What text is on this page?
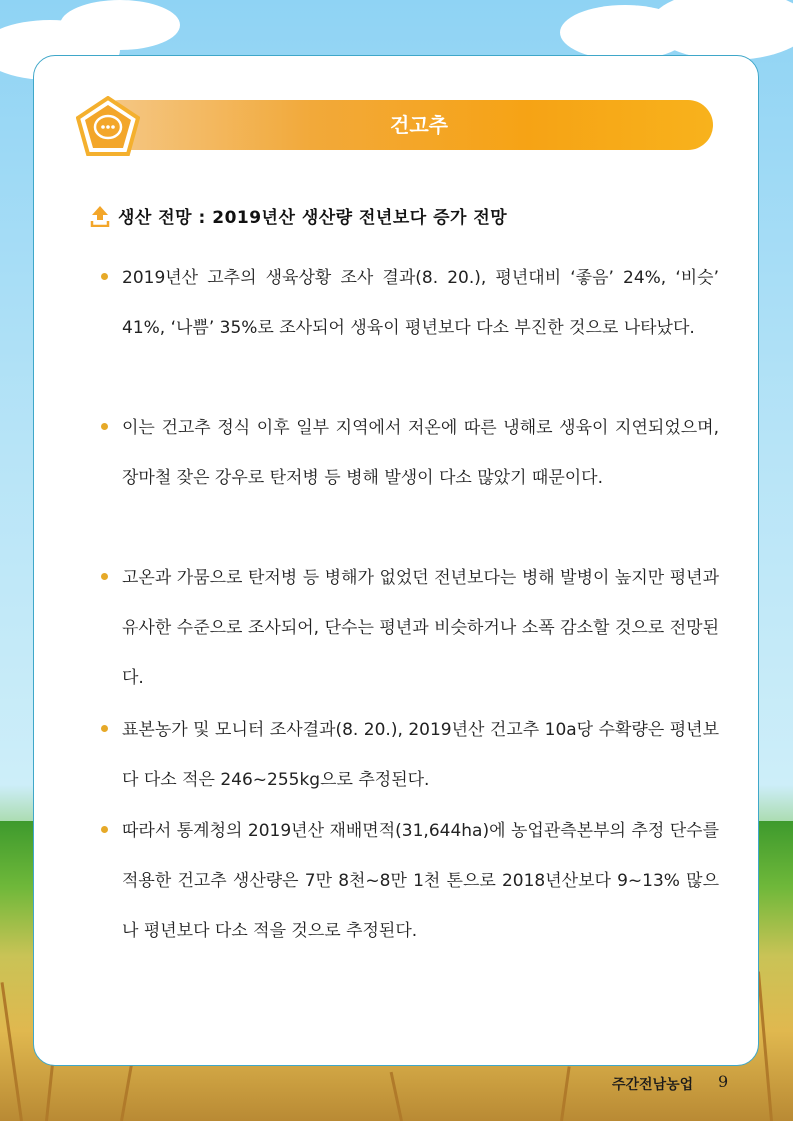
건고추
생산 전망 : 2019년산 생산량 전년보다 증가 전망
2019년산 고추의 생육상황 조사 결과(8. 20.), 평년대비 ‘좋음’ 24%, ‘비슷’ 41%, ‘나쁨’ 35%로 조사되어 생육이 평년보다 다소 부진한 것으로 나타났다.
이는 건고추 정식 이후 일부 지역에서 저온에 따른 냉해로 생육이 지연되었으며, 장마철 잦은 강우로 탄저병 등 병해 발생이 다소 많았기 때문이다.
고온과 가뭄으로 탄저병 등 병해가 없었던 전년보다는 병해 발병이 높지만 평년과 유사한 수준으로 조사되어, 단수는 평년과 비슷하거나 소폭 감소할 것으로 전망된다.
표본농가 및 모니터 조사결과(8. 20.), 2019년산 건고추 10a당 수확량은 평년보다 다소 적은 246~255kg으로 추정된다.
따라서 통계청의 2019년산 재배면적(31,644ha)에 농업관측본부의 추정 단수를 적용한 건고추 생산량은 7만 8천~8만 1천 톤으로 2018년산보다 9~13% 많으나 평년보다 다소 적을 것으로 추정된다.
주간전남농업 9
